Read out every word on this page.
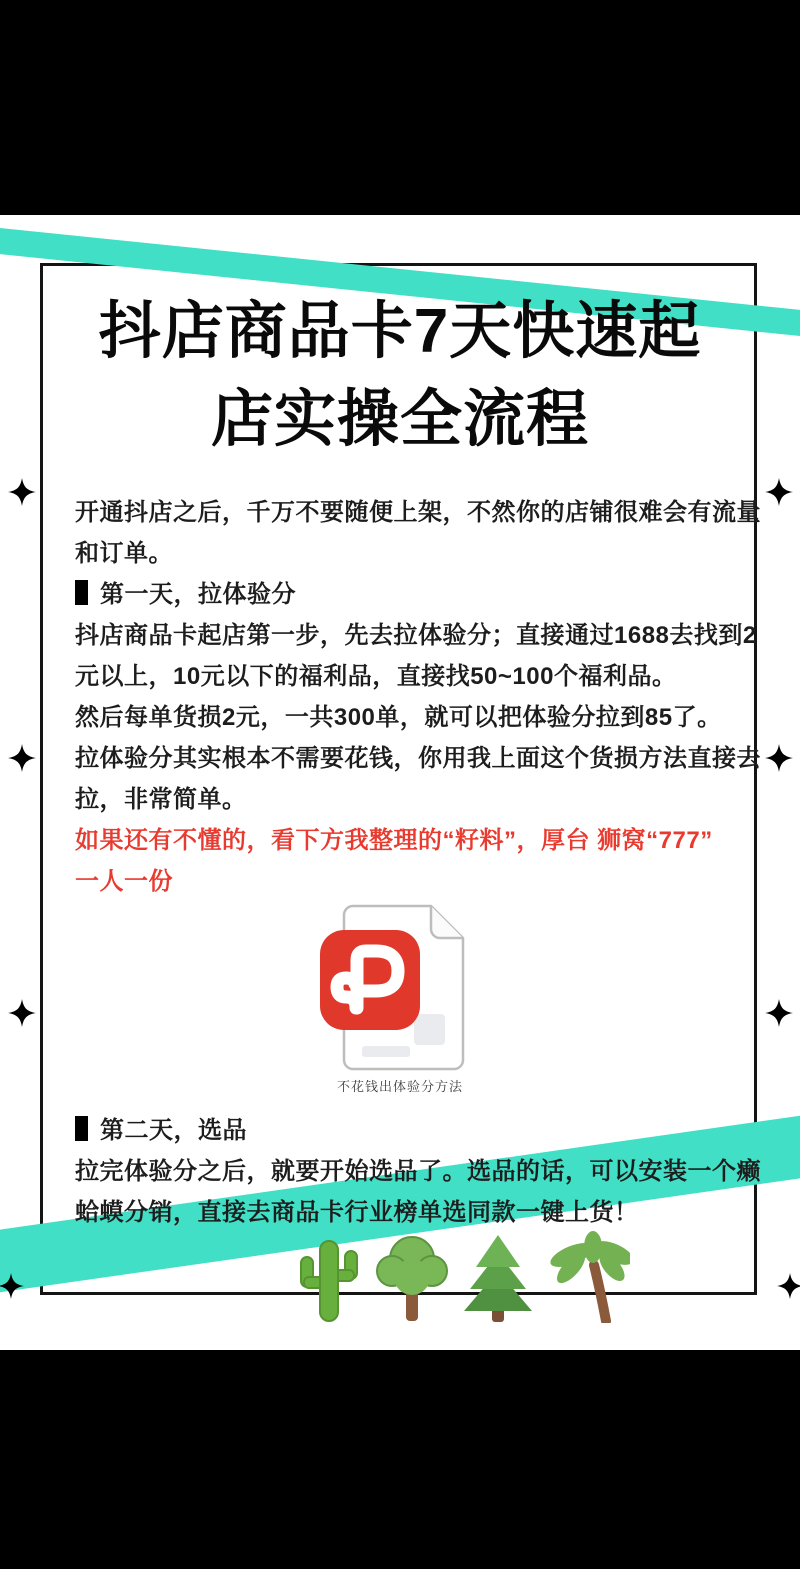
抖店商品卡7天快速起
店实操全流程
开通抖店之后，千万不要随便上架，不然你的店铺很难会有流量
和订单。
第一天，拉体验分
抖店商品卡起店第一步，先去拉体验分；直接通过1688去找到2
元以上，10元以下的福利品，直接找50~100个福利品。
然后每单货损2元，一共300单，就可以把体验分拉到85了。
拉体验分其实根本不需要花钱，你用我上面这个货损方法直接去
拉，非常简单。
如果还有不懂的，看下方我整理的“籽料”，厚台 狮窝“777”
一人一份
不花钱出体验分方法
第二天，选品
拉完体验分之后，就要开始选品了。选品的话，可以安装一个癞
蛤蟆分销，直接去商品卡行业榜单选同款一键上货！
